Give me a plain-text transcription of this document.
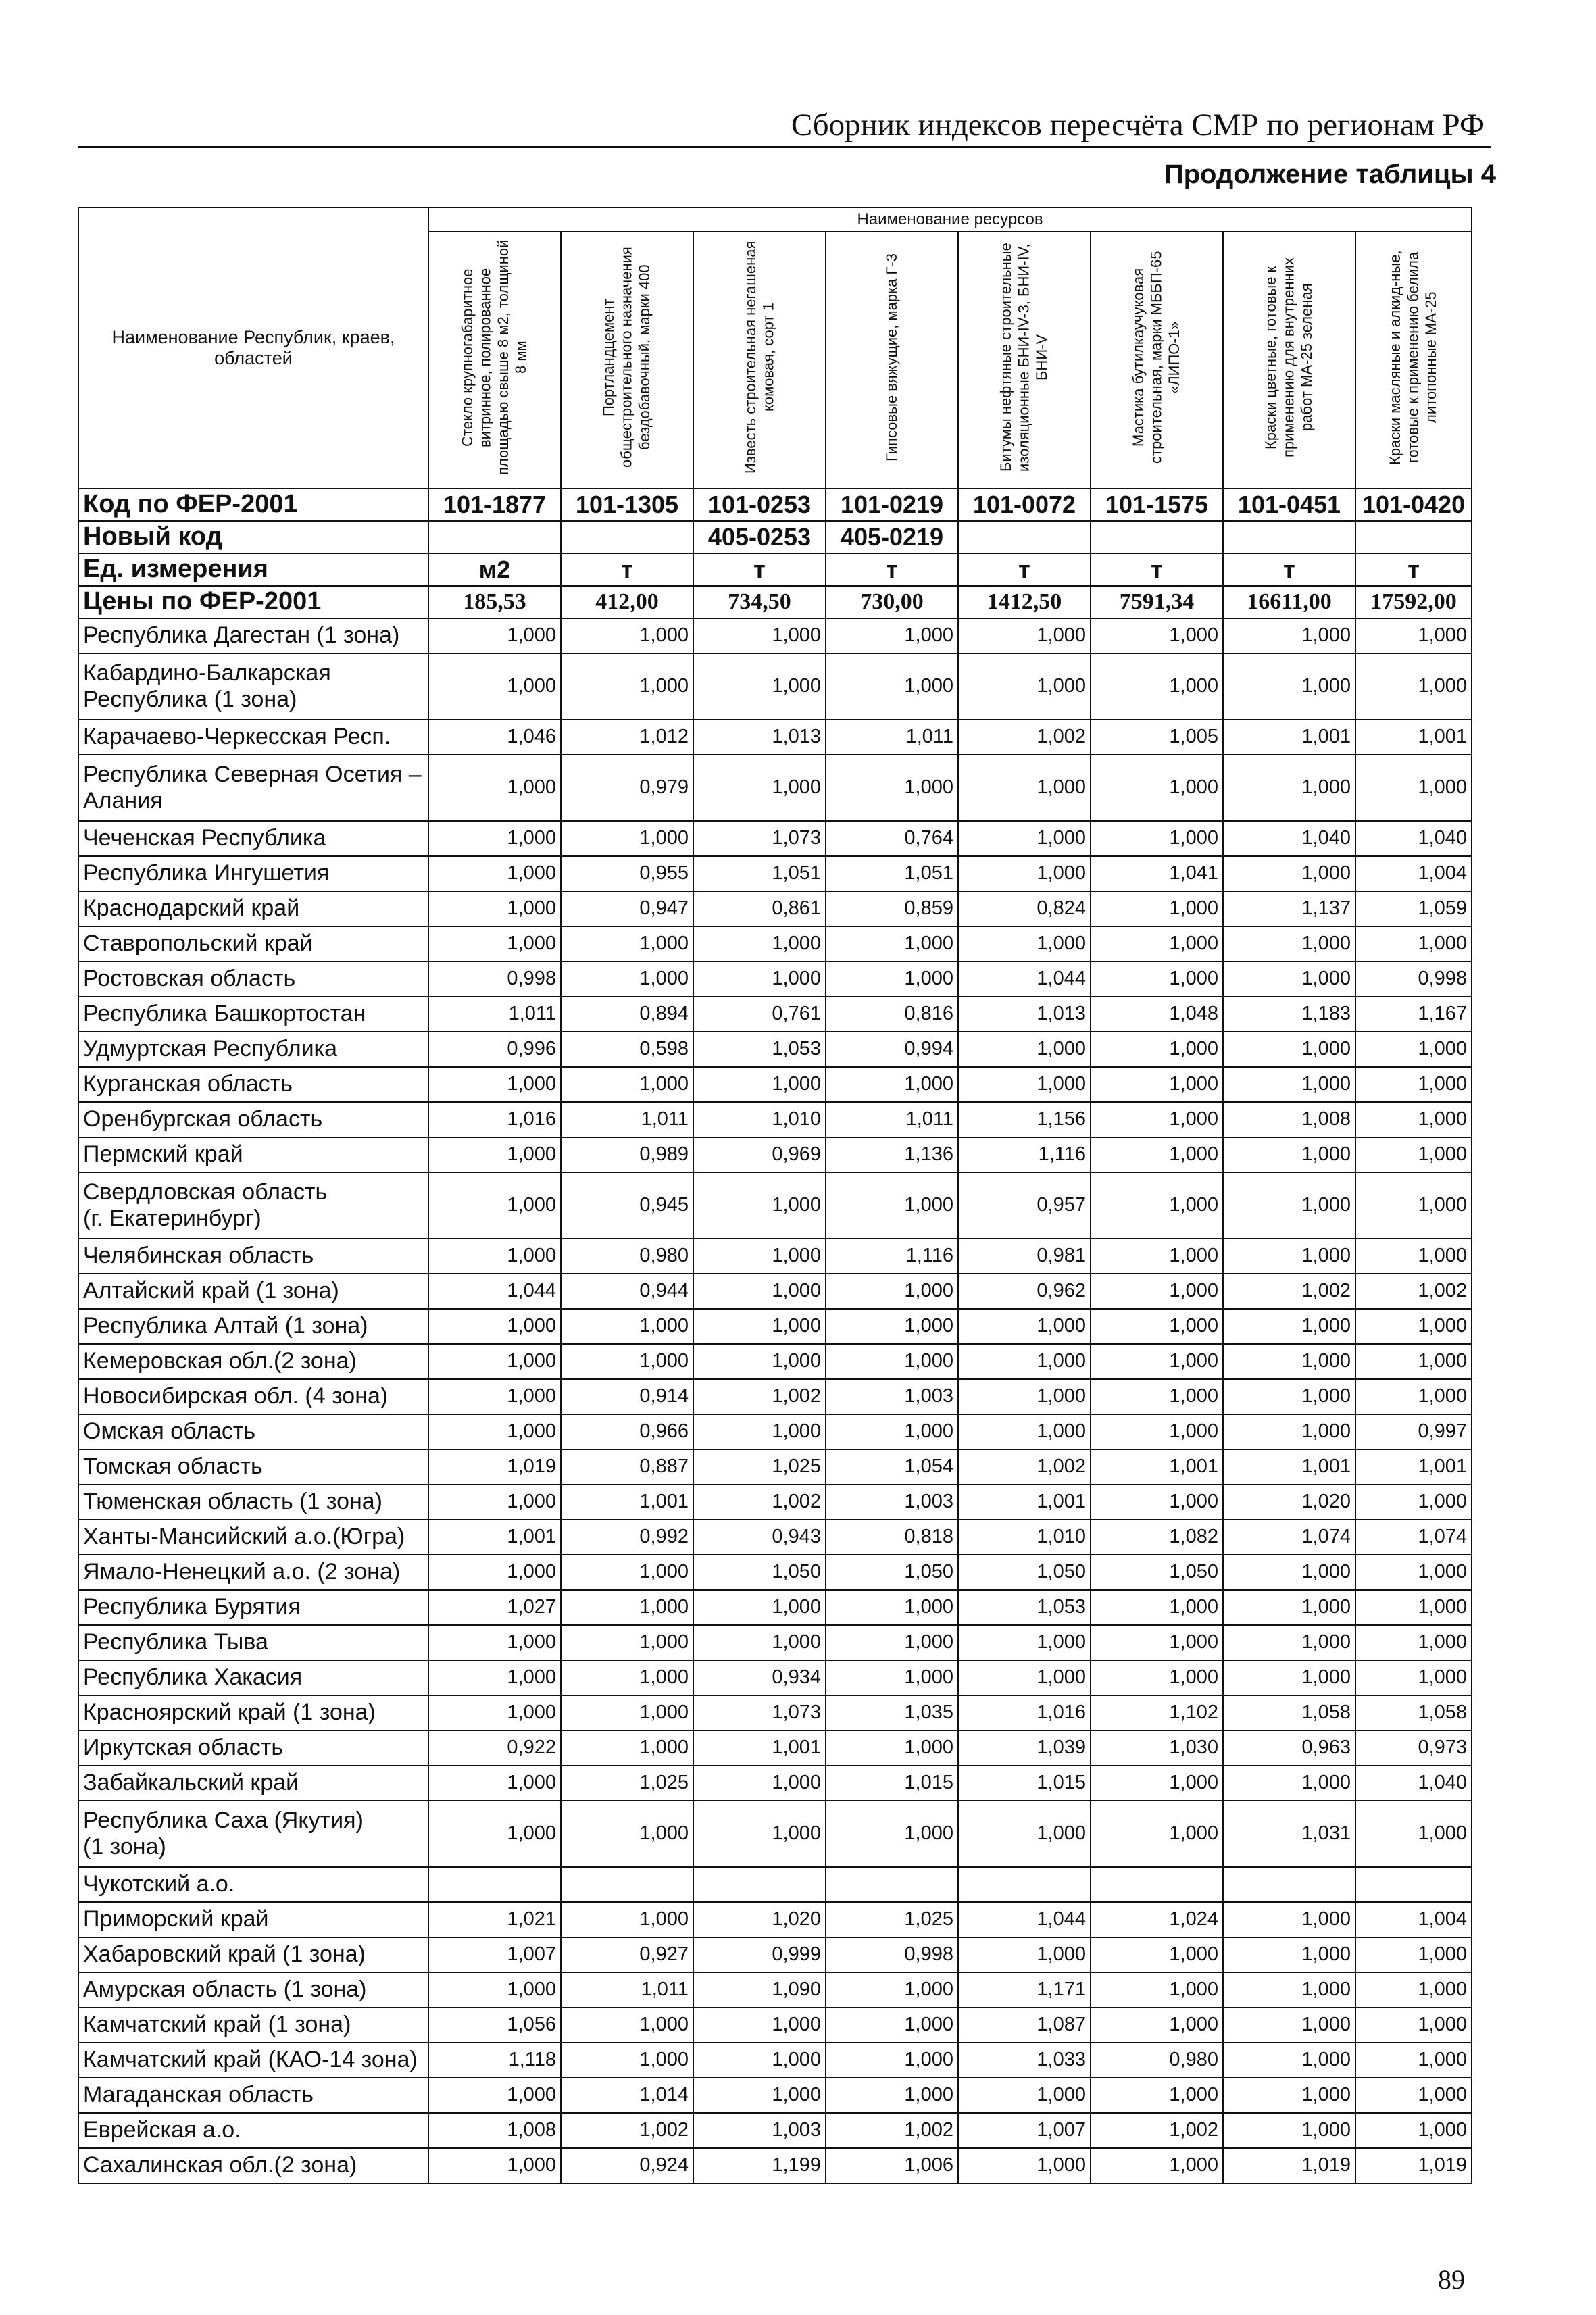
Сборник индексов пересчёта СМР по регионам РФ
Продолжение таблицы 4
Наименование Республик, краев, областей	Наименование ресурсов							
	Стекло крупногабаритное витринное, полированное площадью свыше 8 м2, толщиной 8 мм	Портландцемент общестроительного назначения бездобавочный, марки 400	Известь строительная негашеная комовая, сорт 1	Гипсовые вяжущие, марка Г-3	Битумы нефтяные строительные изоляционные БНИ-IV-3, БНИ-IV, БНИ-V	Мастика бутилкаучуковая строительная, марки МББП-65 «ЛИПО-1»	Краски цветные, готовые к применению для внутренних работ МА-25 зеленая	Краски масляные и алкид-ные, готовые к применению белила литопонные МА-25
Код по ФЕР-2001	101-1877	101-1305	101-0253	101-0219	101-0072	101-1575	101-0451	101-0420
Новый код			405-0253	405-0219				
Ед. измерения	м2	т	т	т	т	т	т	т
Цены по ФЕР-2001	185,53	412,00	734,50	730,00	1412,50	7591,34	16611,00	17592,00
Республика Дагестан (1 зона)	1,000	1,000	1,000	1,000	1,000	1,000	1,000	1,000
Кабардино-Балкарская
Республика (1 зона)	1,000	1,000	1,000	1,000	1,000	1,000	1,000	1,000
Карачаево-Черкесская Респ.	1,046	1,012	1,013	1,011	1,002	1,005	1,001	1,001
Республика Северная Осетия –
Алания	1,000	0,979	1,000	1,000	1,000	1,000	1,000	1,000
Чеченская Республика	1,000	1,000	1,073	0,764	1,000	1,000	1,040	1,040
Республика Ингушетия	1,000	0,955	1,051	1,051	1,000	1,041	1,000	1,004
Краснодарский край	1,000	0,947	0,861	0,859	0,824	1,000	1,137	1,059
Ставропольский край	1,000	1,000	1,000	1,000	1,000	1,000	1,000	1,000
Ростовская область	0,998	1,000	1,000	1,000	1,044	1,000	1,000	0,998
Республика Башкортостан	1,011	0,894	0,761	0,816	1,013	1,048	1,183	1,167
Удмуртская Республика	0,996	0,598	1,053	0,994	1,000	1,000	1,000	1,000
Курганская область	1,000	1,000	1,000	1,000	1,000	1,000	1,000	1,000
Оренбургская область	1,016	1,011	1,010	1,011	1,156	1,000	1,008	1,000
Пермский край	1,000	0,989	0,969	1,136	1,116	1,000	1,000	1,000
Свердловская область
(г. Екатеринбург)	1,000	0,945	1,000	1,000	0,957	1,000	1,000	1,000
Челябинская область	1,000	0,980	1,000	1,116	0,981	1,000	1,000	1,000
Алтайский край (1 зона)	1,044	0,944	1,000	1,000	0,962	1,000	1,002	1,002
Республика Алтай (1 зона)	1,000	1,000	1,000	1,000	1,000	1,000	1,000	1,000
Кемеровская обл.(2 зона)	1,000	1,000	1,000	1,000	1,000	1,000	1,000	1,000
Новосибирская обл. (4 зона)	1,000	0,914	1,002	1,003	1,000	1,000	1,000	1,000
Омская область	1,000	0,966	1,000	1,000	1,000	1,000	1,000	0,997
Томская область	1,019	0,887	1,025	1,054	1,002	1,001	1,001	1,001
Тюменская область (1 зона)	1,000	1,001	1,002	1,003	1,001	1,000	1,020	1,000
Ханты-Мансийский а.о.(Югра)	1,001	0,992	0,943	0,818	1,010	1,082	1,074	1,074
Ямало-Ненецкий а.о. (2 зона)	1,000	1,000	1,050	1,050	1,050	1,050	1,000	1,000
Республика Бурятия	1,027	1,000	1,000	1,000	1,053	1,000	1,000	1,000
Республика Тыва	1,000	1,000	1,000	1,000	1,000	1,000	1,000	1,000
Республика Хакасия	1,000	1,000	0,934	1,000	1,000	1,000	1,000	1,000
Красноярский край (1 зона)	1,000	1,000	1,073	1,035	1,016	1,102	1,058	1,058
Иркутская область	0,922	1,000	1,001	1,000	1,039	1,030	0,963	0,973
Забайкальский край	1,000	1,025	1,000	1,015	1,015	1,000	1,000	1,040
Республика Саха (Якутия)
(1 зона)	1,000	1,000	1,000	1,000	1,000	1,000	1,031	1,000
Чукотский а.о.								
Приморский край	1,021	1,000	1,020	1,025	1,044	1,024	1,000	1,004
Хабаровский край (1 зона)	1,007	0,927	0,999	0,998	1,000	1,000	1,000	1,000
Амурская область (1 зона)	1,000	1,011	1,090	1,000	1,171	1,000	1,000	1,000
Камчатский край (1 зона)	1,056	1,000	1,000	1,000	1,087	1,000	1,000	1,000
Камчатский край (КАО-14 зона)	1,118	1,000	1,000	1,000	1,033	0,980	1,000	1,000
Магаданская область	1,000	1,014	1,000	1,000	1,000	1,000	1,000	1,000
Еврейская а.о.	1,008	1,002	1,003	1,002	1,007	1,002	1,000	1,000
Сахалинская обл.(2 зона)	1,000	0,924	1,199	1,006	1,000	1,000	1,019	1,019
89
